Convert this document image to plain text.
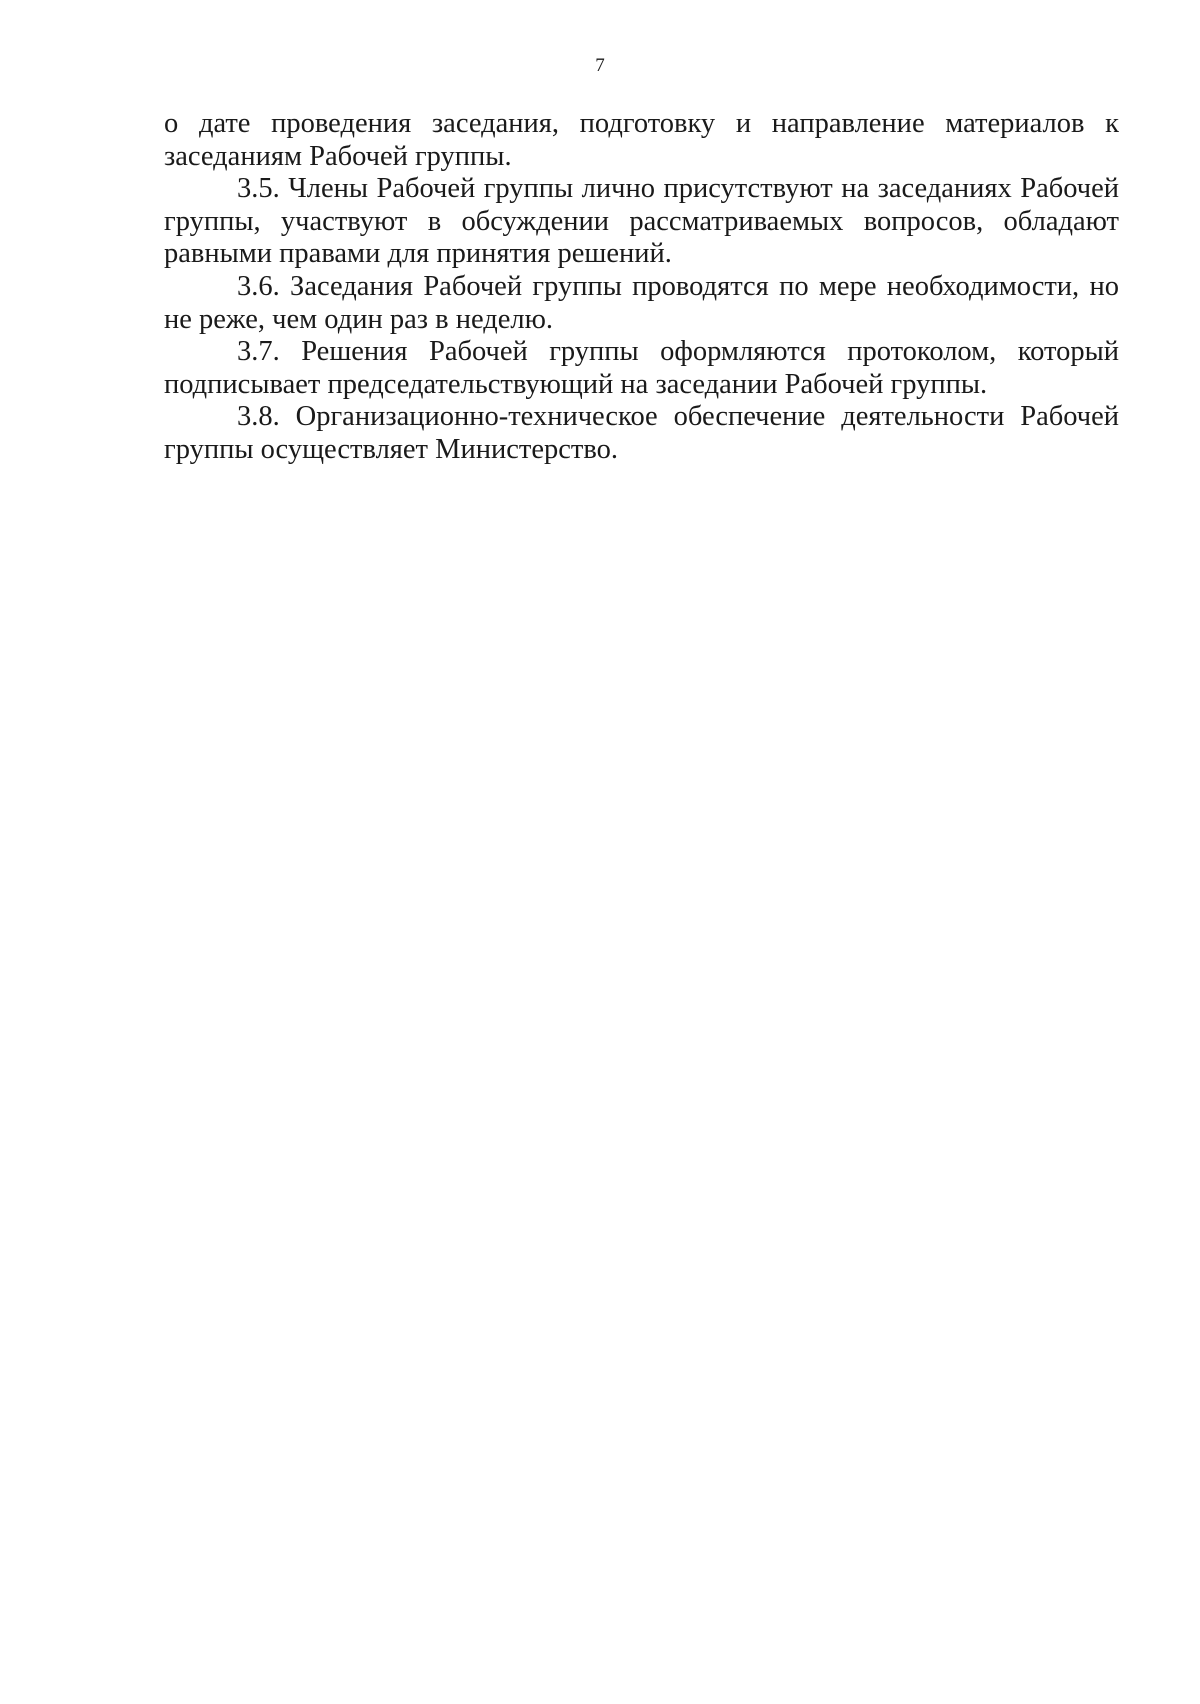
7

о дате проведения заседания, подготовку и направление материалов к заседаниям Рабочей группы.

3.5. Члены Рабочей группы лично присутствуют на заседаниях Рабочей группы, участвуют в обсуждении рассматриваемых вопросов, обладают равными правами для принятия решений.

3.6. Заседания Рабочей группы проводятся по мере необходимости, но не реже, чем один раз в неделю.

3.7. Решения Рабочей группы оформляются протоколом, который подписывает председательствующий на заседании Рабочей группы.

3.8. Организационно-техническое обеспечение деятельности Рабочей группы осуществляет Министерство.
